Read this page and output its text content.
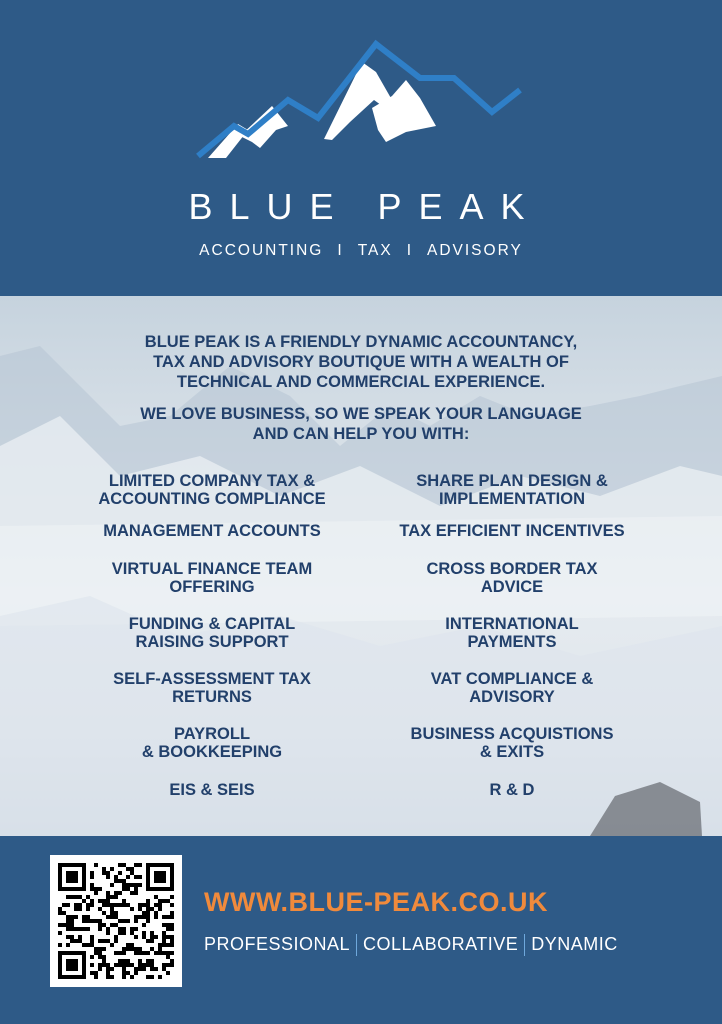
BLUE PEAK
ACCOUNTING I TAX I ADVISORY
BLUE PEAK IS A FRIENDLY DYNAMIC ACCOUNTANCY,
TAX AND ADVISORY BOUTIQUE WITH A WEALTH OF
TECHNICAL AND COMMERCIAL EXPERIENCE.
WE LOVE BUSINESS, SO WE SPEAK YOUR LANGUAGE
AND CAN HELP YOU WITH:
LIMITED COMPANY TAX &
ACCOUNTING COMPLIANCE
MANAGEMENT ACCOUNTS
VIRTUAL FINANCE TEAM
OFFERING
FUNDING & CAPITAL
RAISING SUPPORT
SELF-ASSESSMENT TAX
RETURNS
PAYROLL
& BOOKKEEPING
EIS & SEIS
SHARE PLAN DESIGN &
IMPLEMENTATION
TAX EFFICIENT INCENTIVES
CROSS BORDER TAX
ADVICE
INTERNATIONAL
PAYMENTS
VAT COMPLIANCE &
ADVISORY
BUSINESS ACQUISTIONS
& EXITS
R & D
WWW.BLUE-PEAK.CO.UK
PROFESSIONAL COLLABORATIVE DYNAMIC
